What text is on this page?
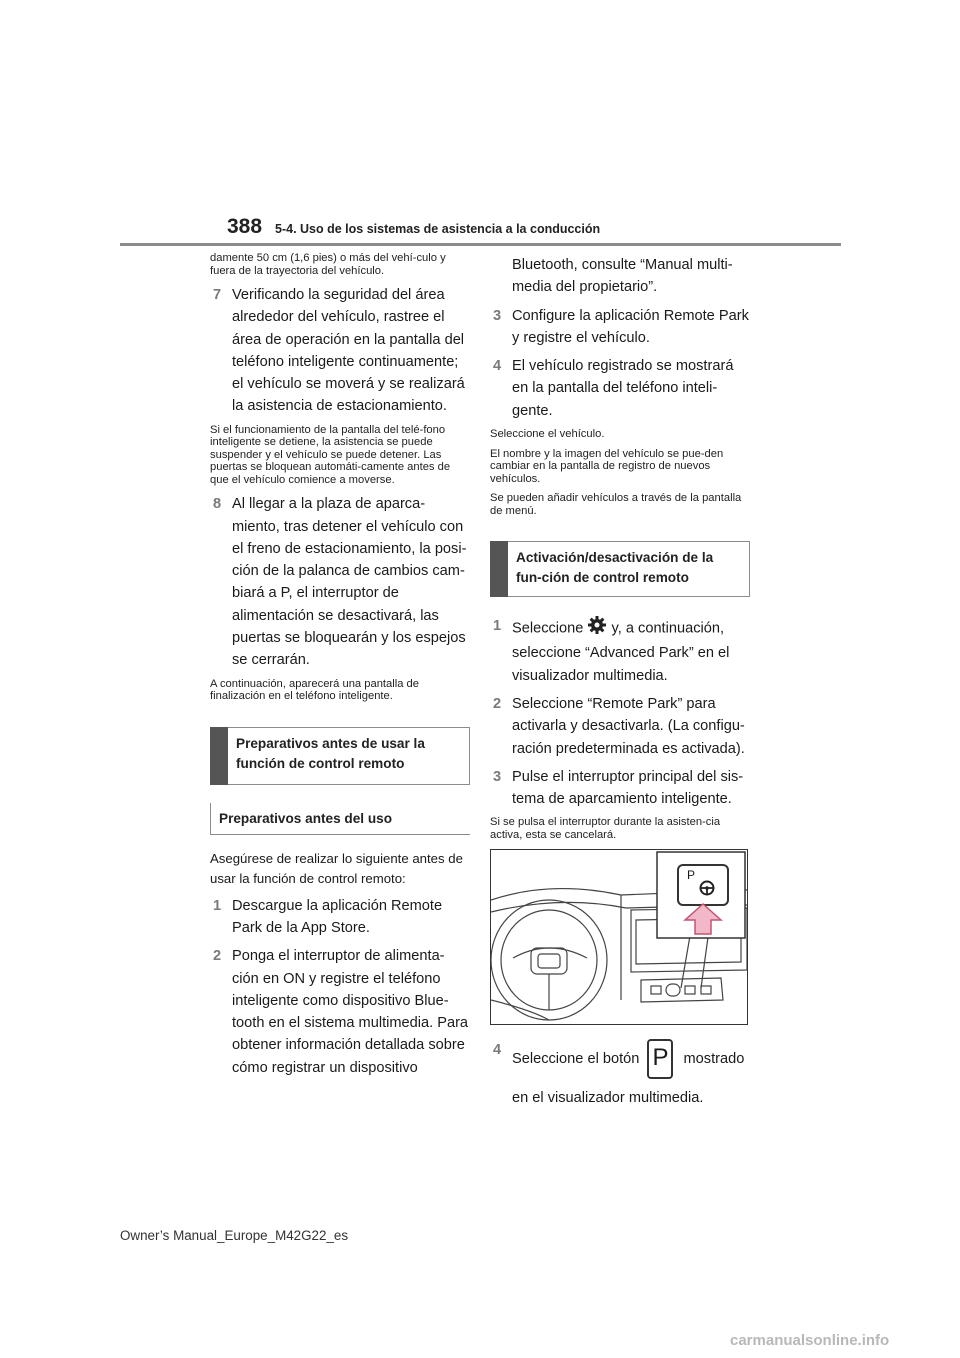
388 5-4. Uso de los sistemas de asistencia a la conducción

damente 50 cm (1,6 pies) o más del vehí-culo y fuera de la trayectoria del vehículo.

7 Verificando la seguridad del área alrededor del vehículo, rastree el área de operación en la pantalla del teléfono inteligente continuamente; el vehículo se moverá y se realizará la asistencia de estacionamiento.

Si el funcionamiento de la pantalla del telé-fono inteligente se detiene, la asistencia se puede suspender y el vehículo se puede detener. Las puertas se bloquean automáti-camente antes de que el vehículo comience a moverse.

8 Al llegar a la plaza de aparca-miento, tras detener el vehículo con el freno de estacionamiento, la posi-ción de la palanca de cambios cam-biará a P, el interruptor de alimentación se desactivará, las puertas se bloquearán y los espejos se cerrarán.

A continuación, aparecerá una pantalla de finalización en el teléfono inteligente.

Preparativos antes de usar la función de control remoto
Preparativos antes del uso

Asegúrese de realizar lo siguiente antes de usar la función de control remoto:

1 Descargue la aplicación Remote Park de la App Store.
2 Ponga el interruptor de alimenta-ción en ON y registre el teléfono inteligente como dispositivo Blue-tooth en el sistema multimedia. Para obtener información detallada sobre cómo registrar un dispositivo
Bluetooth, consulte “Manual multi-media del propietario”.
3 Configure la aplicación Remote Park y registre el vehículo.
4 El vehículo registrado se mostrará en la pantalla del teléfono inteli-gente.

Seleccione el vehículo.

El nombre y la imagen del vehículo se pue-den cambiar en la pantalla de registro de nuevos vehículos.

Se pueden añadir vehículos a través de la pantalla de menú.

Activación/desactivación de la fun-ción de control remoto
1 Seleccione y, a continuación, seleccione “Advanced Park” en el visualizador multimedia.
2 Seleccione “Remote Park” para activarla y desactivarla. (La configu-ración predeterminada es activada).
3 Pulse el interruptor principal del sis-tema de aparcamiento inteligente.

Si se pulsa el interruptor durante la asisten-cia activa, esta se cancelará.

P
4
Seleccione el botón P mostrado
en el visualizador multimedia.
Owner’s Manual_Europe_M42G22_es
carmanualsonline.info
